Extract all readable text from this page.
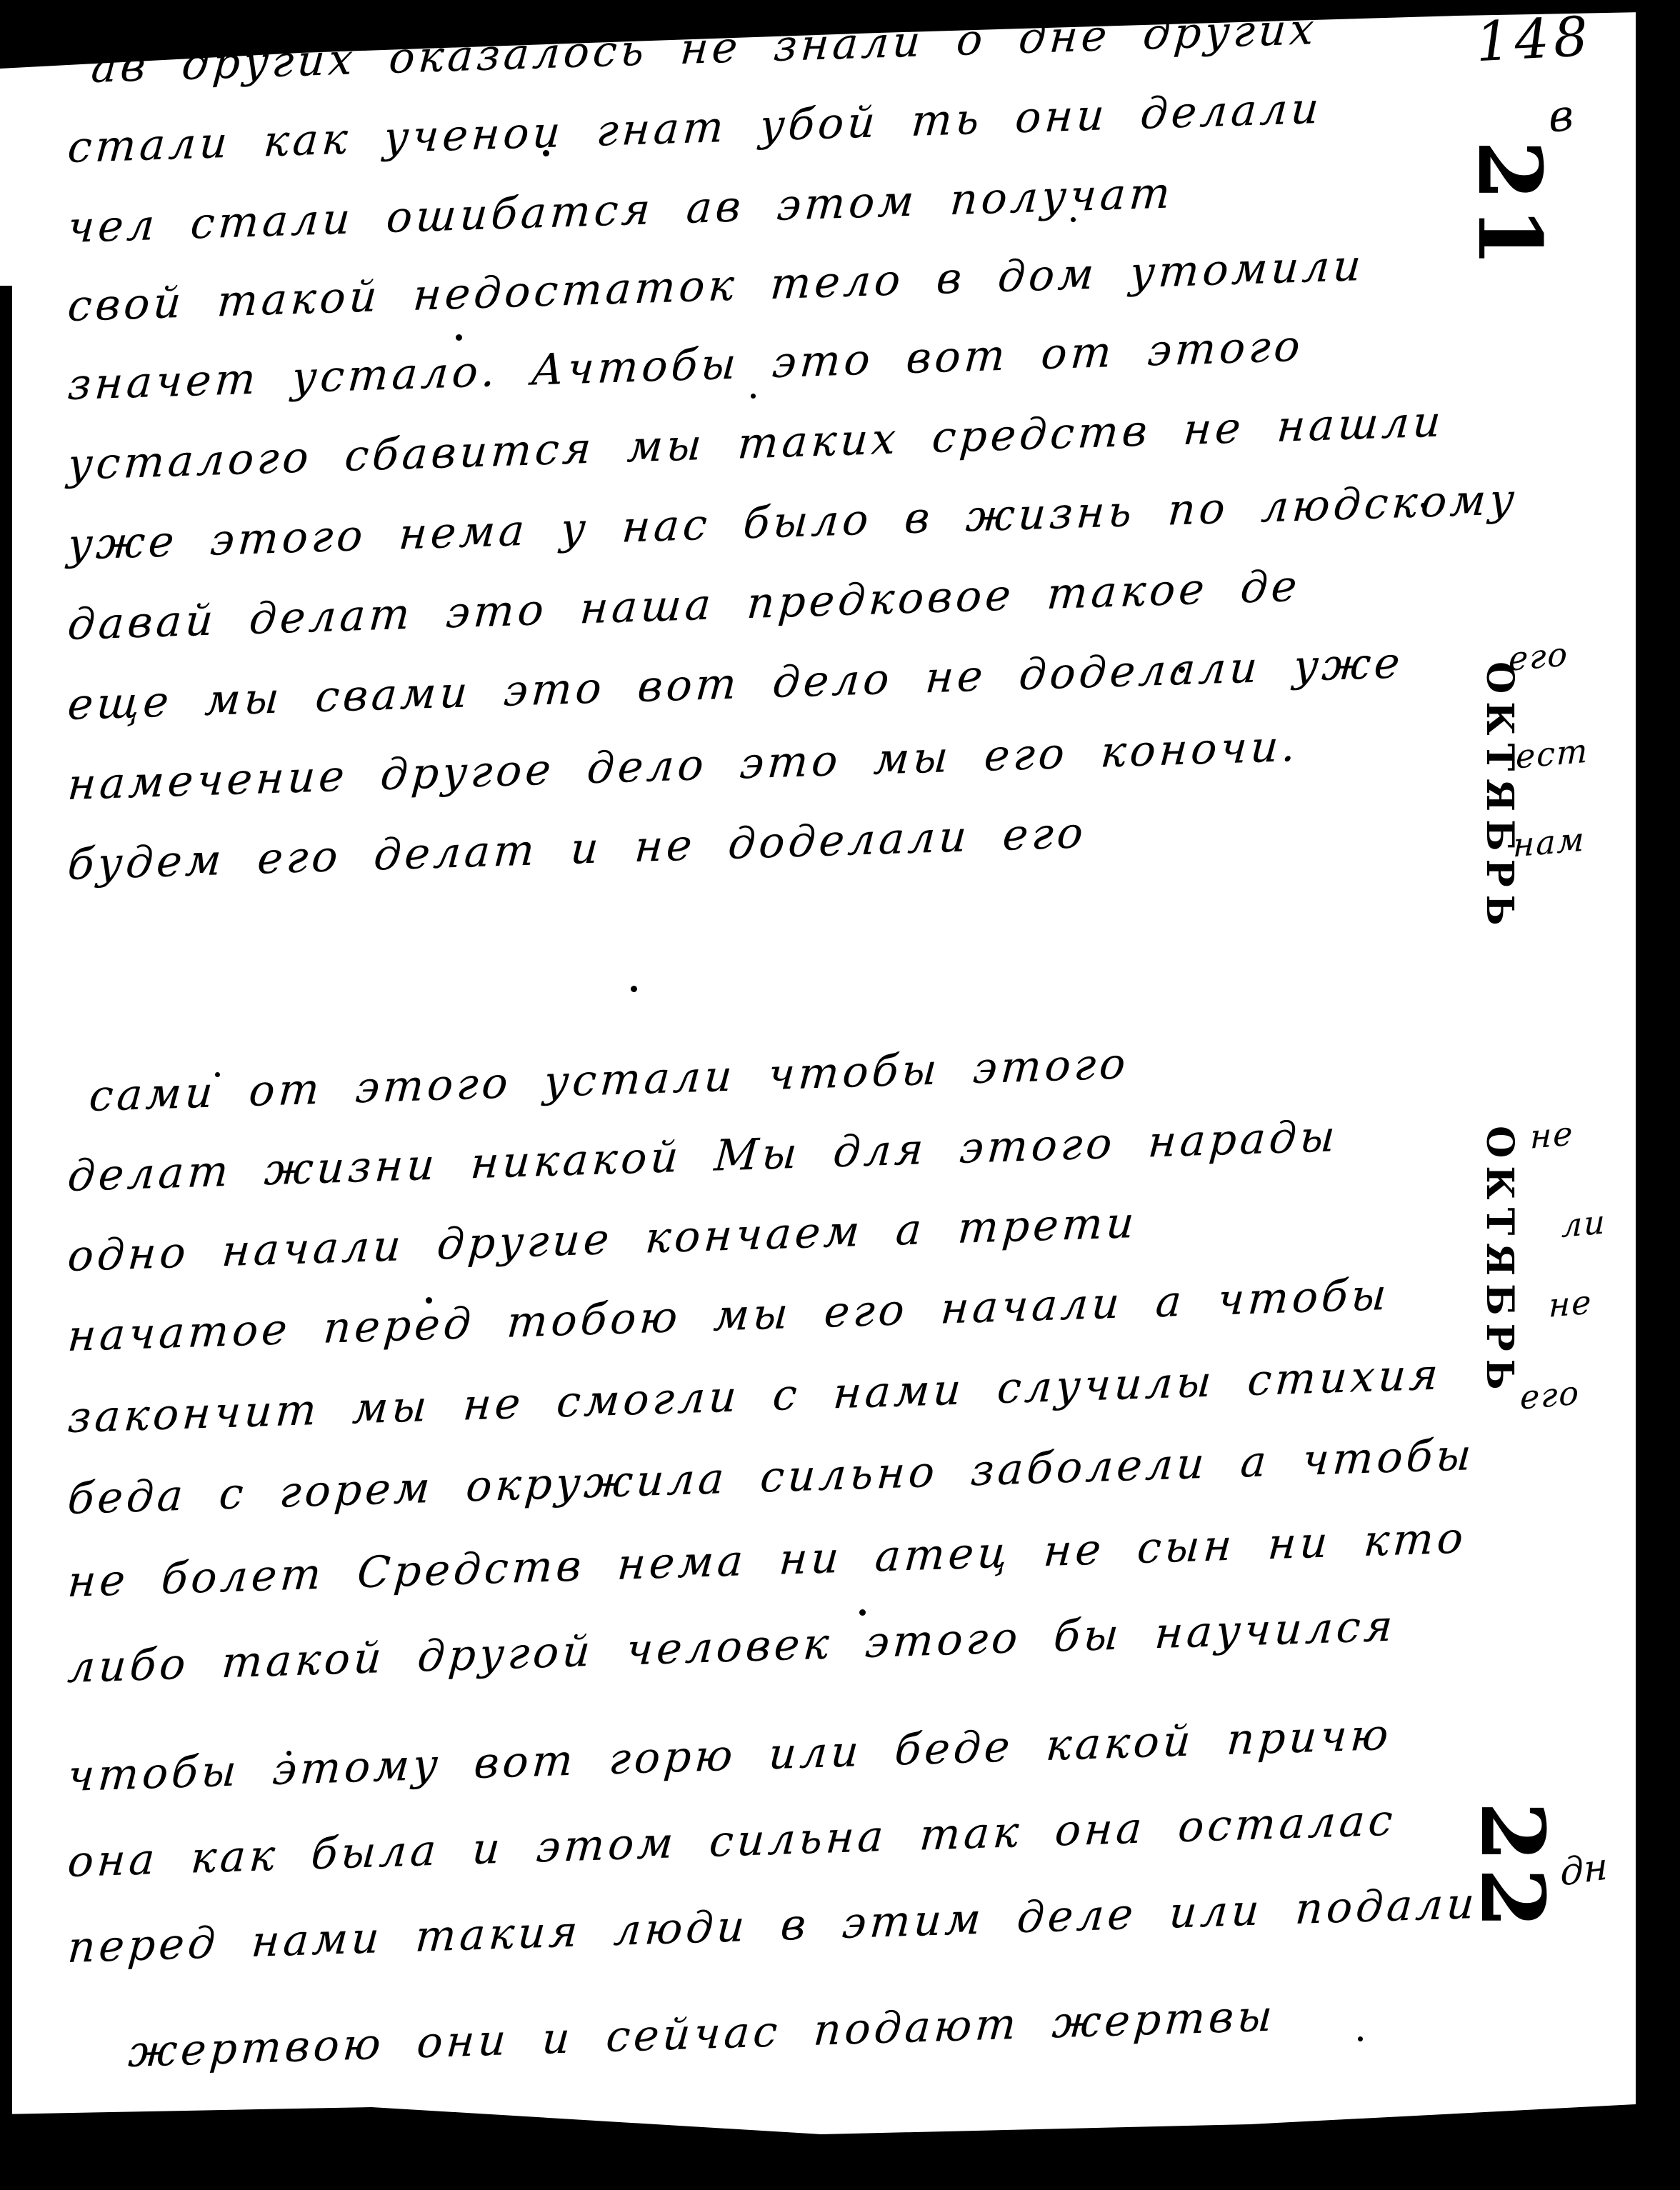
148
21
в
ОКТЯБРЬ
ОКТЯБРЬ
22
дн
его
ест
нам
не
ли
не
его
ав других оказалось не знали о дне других
стали как ученои гнат убой ть они делали
чел стали ошибатся ав этом получат
свой такой недостаток тело в дом утомили
значет устало. Ачтобы это вот от этого
усталого сбавится мы таких средств не нашли
уже этого нема у нас было в жизнь по людскому
давай делат это наша предковое такое де
еще мы свами это вот дело не доделали уже
намечение другое дело это мы его коночи.
будем его делат и не доделали его
сами от этого устали чтобы этого
делат жизни никакой Мы для этого нарады
одно начали другие кончаем а трети
начатое перед тобою мы его начали а чтобы
закончит мы не смогли с нами случилы стихия
беда с горем окружила сильно заболели а чтобы
не болет Средств нема ни атец не сын ни кто
либо такой другой человек этого бы научился
чтобы этому вот горю или беде какой причю
она как была и этом сильна так она осталас
перед нами такия люди в этим деле или подали
жертвою они и сейчас подают жертвы
